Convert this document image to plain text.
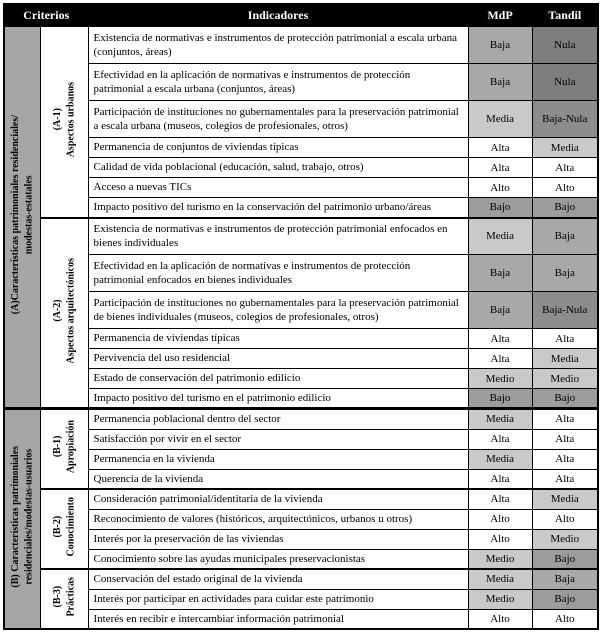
Criterios		Indicadores	MdP	Tandil

(A)Características patrimoniales residenciales/ modestas-estatales	(A-1) Aspectos urbanos	Existencia de normativas e instrumentos de protección patrimonial a escala urbana (conjuntos, áreas)	Baja	Nula
		Efectividad en la aplicación de normativas e instrumentos de protección patrimonial a escala urbana (conjuntos, áreas)	Baja	Nula
		Participación de instituciones no gubernamentales para la preservación patrimonial a escala urbana (museos, colegios de profesionales, otros)	Media	Baja-Nula
		Permanencia de conjuntos de viviendas típicas	Alta	Media
		Calidad de vida poblacional (educación, salud, trabajo, otros)	Alta	Alta
		Acceso a nuevas TICs	Alto	Alto
		Impacto positivo del turismo en la conservación del patrimonio urbano/áreas	Bajo	Bajo

	(A-2) Aspectos arquitectónicos	Existencia de normativas e instrumentos de protección patrimonial enfocados en bienes individuales	Media	Baja
		Efectividad en la aplicación de normativas e instrumentos de protección patrimonial enfocados en bienes individuales	Baja	Baja
		Participación de instituciones no gubernamentales para la preservación patrimonial de bienes individuales (museos, colegios de profesionales, otros)	Baja	Baja-Nula
		Permanencia de viviendas típicas	Alta	Alta
		Pervivencia del uso residencial	Alta	Media
		Estado de conservación del patrimonio edilicio	Medio	Medio
		Impacto positivo del turismo en el patrimonio edilicio	Bajo	Bajo

(B) Características patrimoniales residenciales/modestas-usuarios	(B-1) Apropiación	Permanencia poblacional dentro del sector	Media	Alta
		Satisfacción por vivir en el sector	Alta	Alta
		Permanencia en la vivienda	Media	Alta
		Querencia de la vivienda	Alta	Alta

	(B-2) Conocimiento	Consideración patrimonial/identitaria de la vivienda	Alta	Media
		Reconocimiento de valores (históricos, arquitectónicos, urbanos u otros)	Alto	Alto
		Interés por la preservación de las viviendas	Alto	Medio
		Conocimiento sobre las ayudas municipales preservacionistas	Medio	Bajo

	(B-3) Prácticas	Conservación del estado original de la vivienda	Media	Baja
		Interés por participar en actividades para cuidar este patrimonio	Medio	Bajo
		Interés en recibir e intercambiar información patrimonial	Alto	Alto
